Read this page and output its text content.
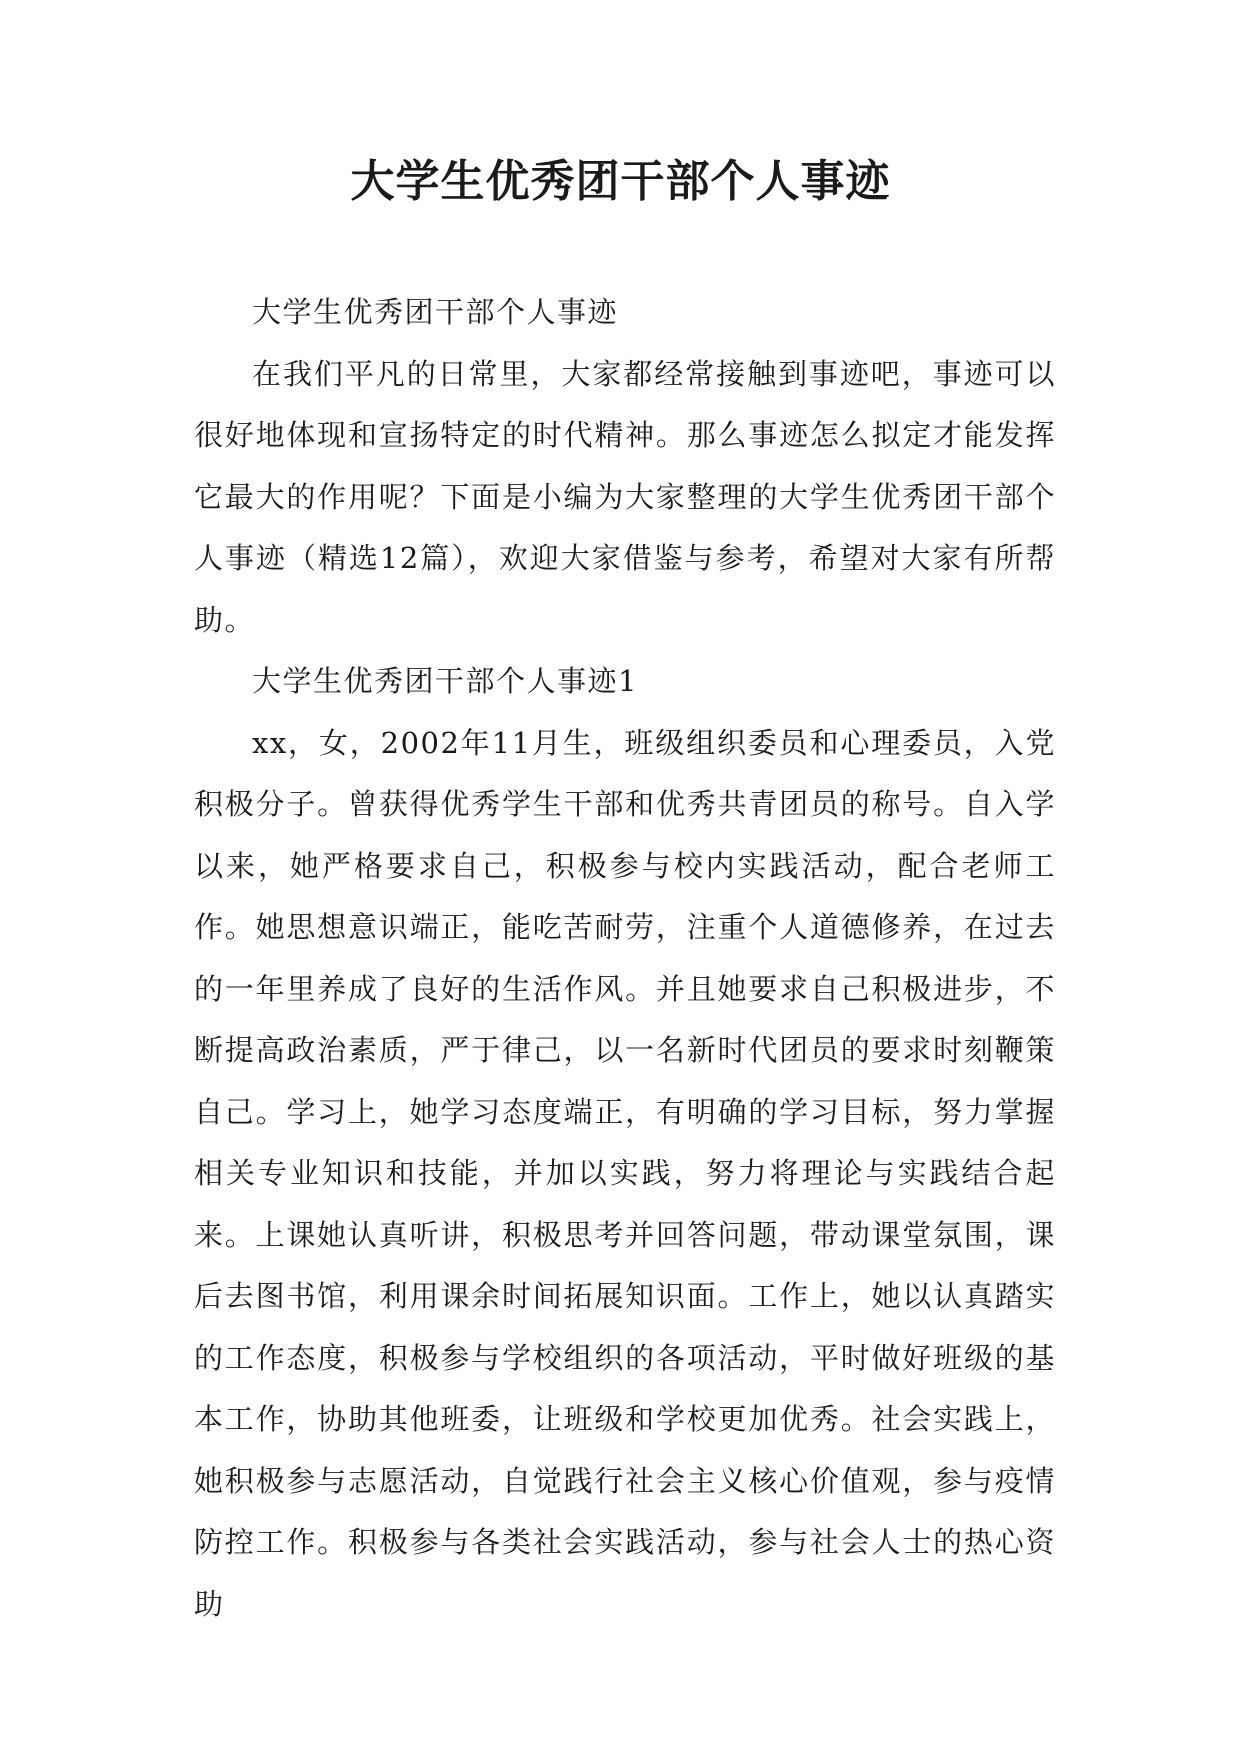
大学生优秀团干部个人事迹

大学生优秀团干部个人事迹

在我们平凡的日常里，大家都经常接触到事迹吧，事迹可以很好地体现和宣扬特定的时代精神。那么事迹怎么拟定才能发挥它最大的作用呢？下面是小编为大家整理的大学生优秀团干部个人事迹（精选12篇），欢迎大家借鉴与参考，希望对大家有所帮助。

大学生优秀团干部个人事迹1

xx，女，2002年11月生，班级组织委员和心理委员，入党积极分子。曾获得优秀学生干部和优秀共青团员的称号。自入学以来，她严格要求自己，积极参与校内实践活动，配合老师工作。她思想意识端正，能吃苦耐劳，注重个人道德修养，在过去的一年里养成了良好的生活作风。并且她要求自己积极进步，不断提高政治素质，严于律己，以一名新时代团员的要求时刻鞭策自己。学习上，她学习态度端正，有明确的学习目标，努力掌握相关专业知识和技能，并加以实践，努力将理论与实践结合起来。上课她认真听讲，积极思考并回答问题，带动课堂氛围，课后去图书馆，利用课余时间拓展知识面。工作上，她以认真踏实的工作态度，积极参与学校组织的各项活动，平时做好班级的基本工作，协助其他班委，让班级和学校更加优秀。社会实践上，她积极参与志愿活动，自觉践行社会主义核心价值观，参与疫情防控工作。积极参与各类社会实践活动，参与社会人士的热心资助
